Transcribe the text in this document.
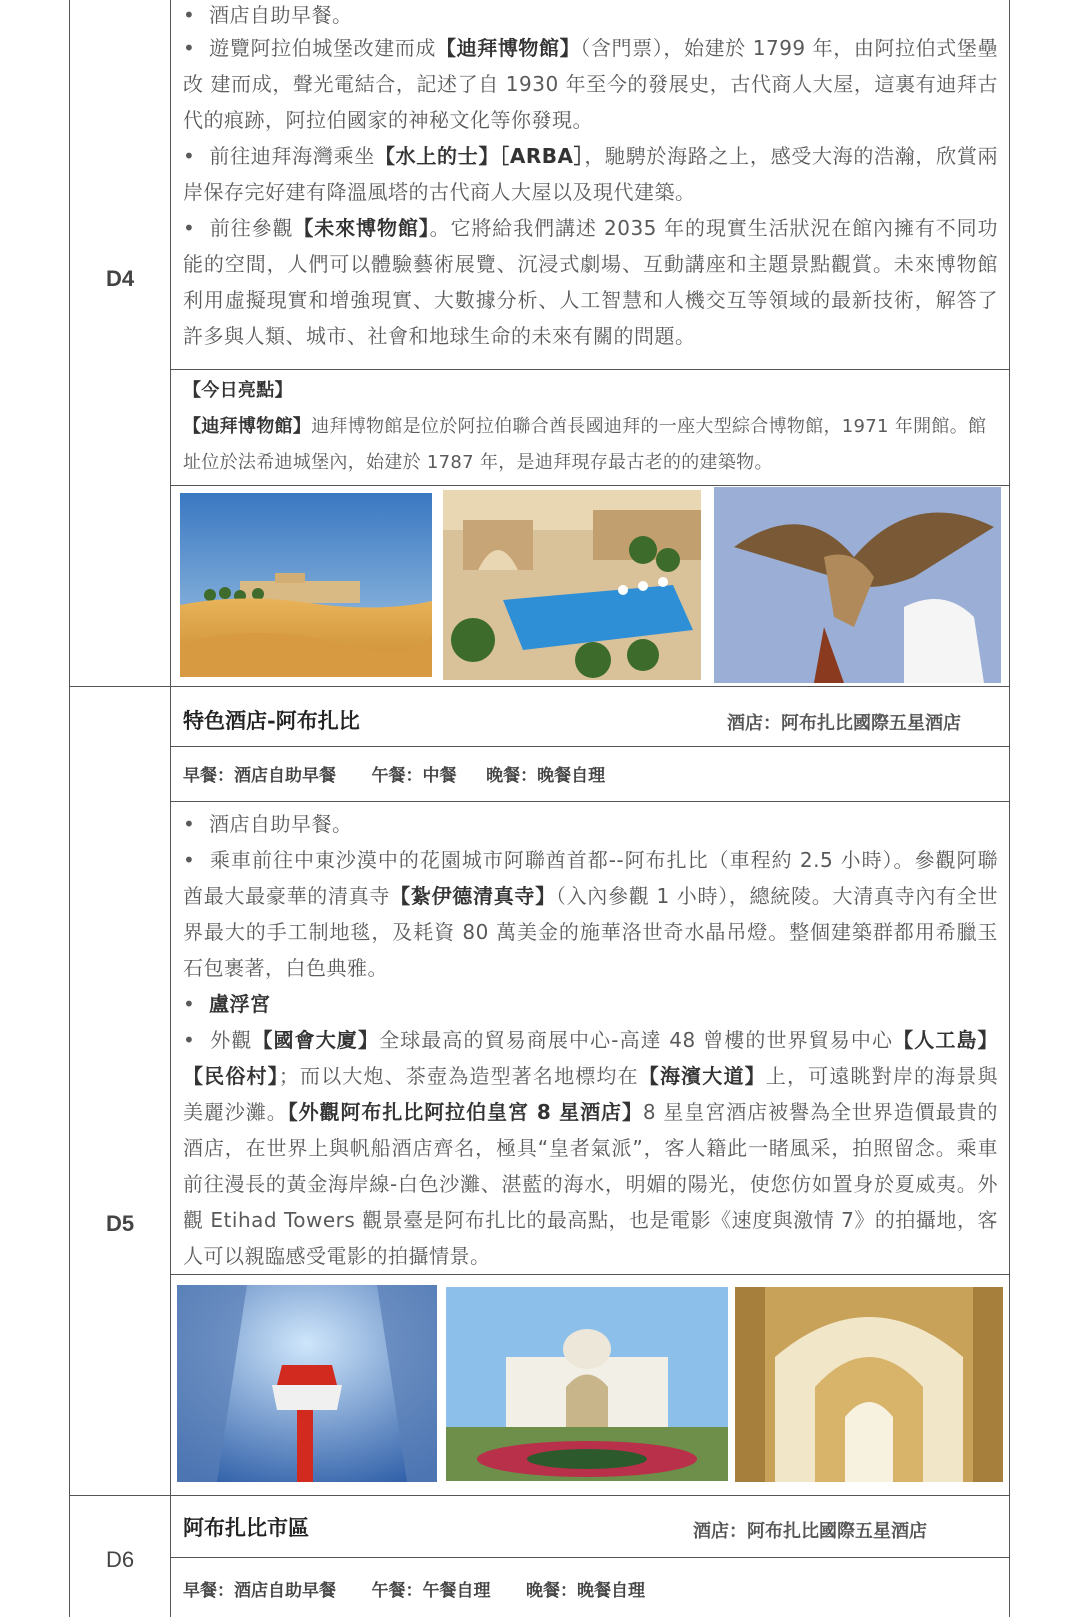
D4

• 酒店自助早餐。

• 遊覽阿拉伯城堡改建而成【迪拜博物館】（含門票），始建於 1799 年，由阿拉伯式堡壘改 建而成，聲光電結合，記述了自 1930 年至今的發展史，古代商人大屋，這裏有迪拜古代的痕跡，阿拉伯國家的神秘文化等你發現。

• 前往迪拜海灣乘坐【水上的士】［ARBA］，馳騁於海路之上，感受大海的浩瀚，欣賞兩岸保存完好建有降溫風塔的古代商人大屋以及現代建築。

• 前往參觀【未來博物館】。它將給我們講述 2035 年的現實生活狀況在館內擁有不同功能的空間，人們可以體驗藝術展覽、沉浸式劇場、互動講座和主題景點觀賞。未來博物館利用虛擬現實和增強現實、大數據分析、人工智慧和人機交互等領域的最新技術，解答了許多與人類、城市、社會和地球生命的未來有關的問題。

【今日亮點】
【迪拜博物館】迪拜博物館是位於阿拉伯聯合酋長國迪拜的一座大型綜合博物館，1971 年開館。館址位於法希迪城堡內，始建於 1787 年，是迪拜現存最古老的的建築物。
特色酒店-阿布扎比	酒店：阿布扎比國際五星酒店
早餐：酒店自助早餐      午餐：中餐     晚餐：晚餐自理
D5

• 酒店自助早餐。

• 乘車前往中東沙漠中的花園城市阿聯酋首都--阿布扎比（車程約 2.5 小時）。參觀阿聯酋最大最豪華的清真寺【紮伊德清真寺】（入內參觀 1 小時），總統陵。大清真寺內有全世界最大的手工制地毯，及耗資 80 萬美金的施華洛世奇水晶吊燈。整個建築群都用希臘玉石包裹著，白色典雅。

• 盧浮宮

• 外觀【國會大廈】全球最高的貿易商展中心-高達 48 曾樓的世界貿易中心【人工島】【民俗村】；而以大炮、茶壺為造型著名地標均在【海濱大道】上，可遠眺對岸的海景與 美麗沙灘。【外觀阿布扎比阿拉伯皇宮 8 星酒店】8 星皇宮酒店被譽為全世界造價最貴的酒店，在世界上與帆船酒店齊名，極具“皇者氣派”，客人籍此一睹風采，拍照留念。乘車前往漫長的黃金海岸線-白色沙灘、湛藍的海水，明媚的陽光，使您仿如置身於夏威夷。外觀 Etihad Towers 觀景臺是阿布扎比的最高點，也是電影《速度與激情 7》的拍攝地，客人可以親臨感受電影的拍攝情景。

阿布扎比市區	酒店：阿布扎比國際五星酒店
D6
早餐：酒店自助早餐      午餐：午餐自理      晚餐：晚餐自理
